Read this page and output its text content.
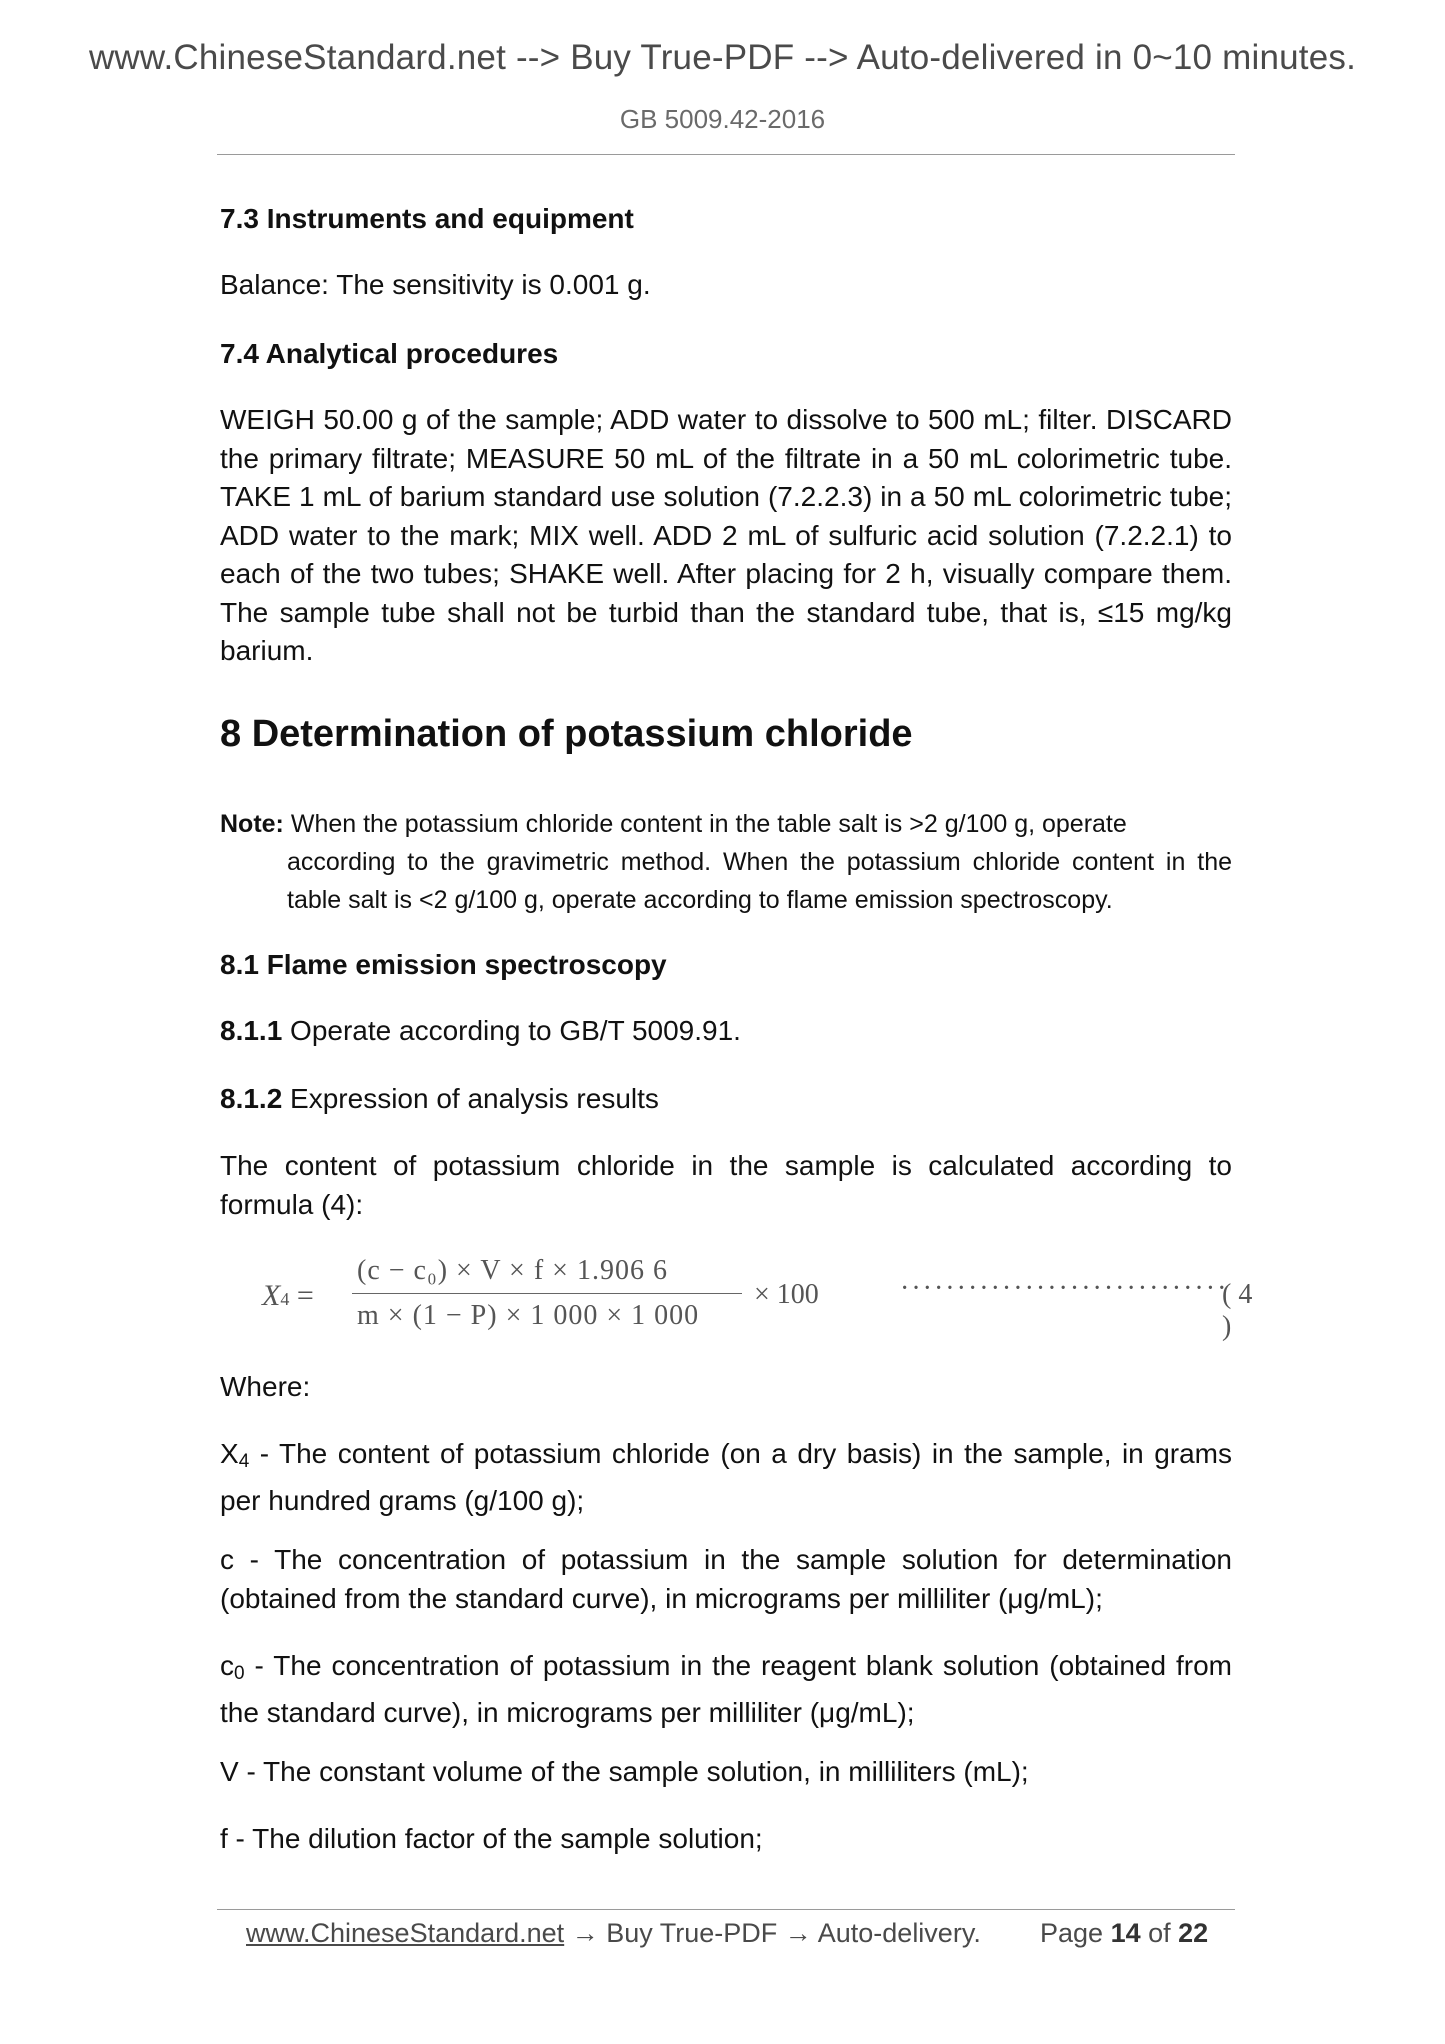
www.ChineseStandard.net --> Buy True-PDF --> Auto-delivered in 0~10 minutes.
GB 5009.42-2016
7.3 Instruments and equipment
Balance: The sensitivity is 0.001 g.
7.4 Analytical procedures
WEIGH 50.00 g of the sample; ADD water to dissolve to 500 mL; filter. DISCARD the primary filtrate; MEASURE 50 mL of the filtrate in a 50 mL colorimetric tube. TAKE 1 mL of barium standard use solution (7.2.2.3) in a 50 mL colorimetric tube; ADD water to the mark; MIX well. ADD 2 mL of sulfuric acid solution (7.2.2.1) to each of the two tubes; SHAKE well. After placing for 2 h, visually compare them. The sample tube shall not be turbid than the standard tube, that is, ≤15 mg/kg barium.
8 Determination of potassium chloride
Note: When the potassium chloride content in the table salt is >2 g/100 g, operate
according to the gravimetric method. When the potassium chloride content in the table salt is <2 g/100 g, operate according to flame emission spectroscopy.
8.1 Flame emission spectroscopy
8.1.1 Operate according to GB/T 5009.91.
8.1.2 Expression of analysis results
The content of potassium chloride in the sample is calculated according to formula (4):
X4 =
(c − c₀) × V × f × 1.906 6
m × (1 − P) × 1 000 × 1 000
× 100	·····························
( 4 )
Where:
$X_4$ - The content of potassium chloride (on a dry basis) in the sample, in grams per hundred grams (g/100 g);
c - The concentration of potassium in the sample solution for determination (obtained from the standard curve), in micrograms per milliliter (μg/mL);
$c_0$ - The concentration of potassium in the reagent blank solution (obtained from the standard curve), in micrograms per milliliter (μg/mL);
V - The constant volume of the sample solution, in milliliters (mL);
f - The dilution factor of the sample solution;
www.ChineseStandard.net → Buy True-PDF → Auto-delivery. Page 14 of 22
